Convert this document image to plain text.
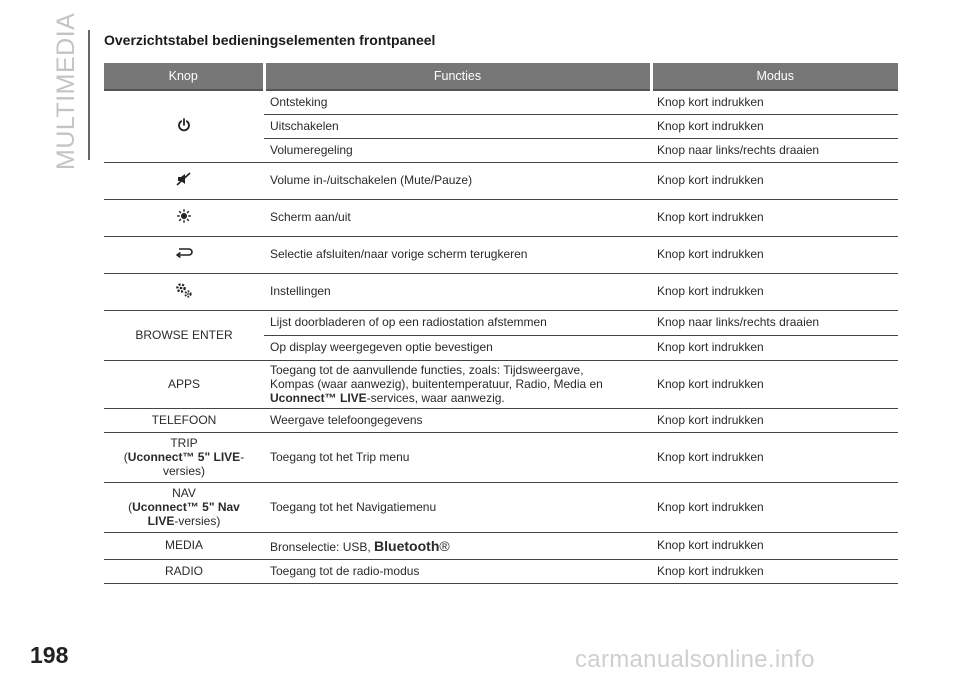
MULTIMEDIA	Overzichtstabel bedieningselementen frontpaneel
Knop	Functies	Modus
	Ontsteking	Knop kort indrukken
	Uitschakelen	Knop kort indrukken
	Volumeregeling	Knop naar links/rechts draaien
	Volume in-/uitschakelen (Mute/Pauze)	Knop kort indrukken
	Scherm aan/uit	Knop kort indrukken
	Selectie afsluiten/naar vorige scherm terugkeren	Knop kort indrukken
	Instellingen	Knop kort indrukken
BROWSE ENTER	Lijst doorbladeren of op een radiostation afstemmen	Knop naar links/rechts draaien
	Op display weergegeven optie bevestigen	Knop kort indrukken
APPS	Toegang tot de aanvullende functies, zoals: Tijdsweergave,
Kompas (waar aanwezig), buitentemperatuur, Radio, Media en
Uconnect™ LIVE-services, waar aanwezig.	Knop kort indrukken
TELEFOON	Weergave telefoongegevens	Knop kort indrukken
TRIP
(Uconnect™ 5" LIVE-
versies)	Toegang tot het Trip menu	Knop kort indrukken
NAV
(Uconnect™ 5" Nav
LIVE-versies)	Toegang tot het Navigatiemenu	Knop kort indrukken
MEDIA	Bronselectie: USB, Bluetooth®	Knop kort indrukken
RADIO	Toegang tot de radio-modus	Knop kort indrukken
198	carmanualsonline.info
